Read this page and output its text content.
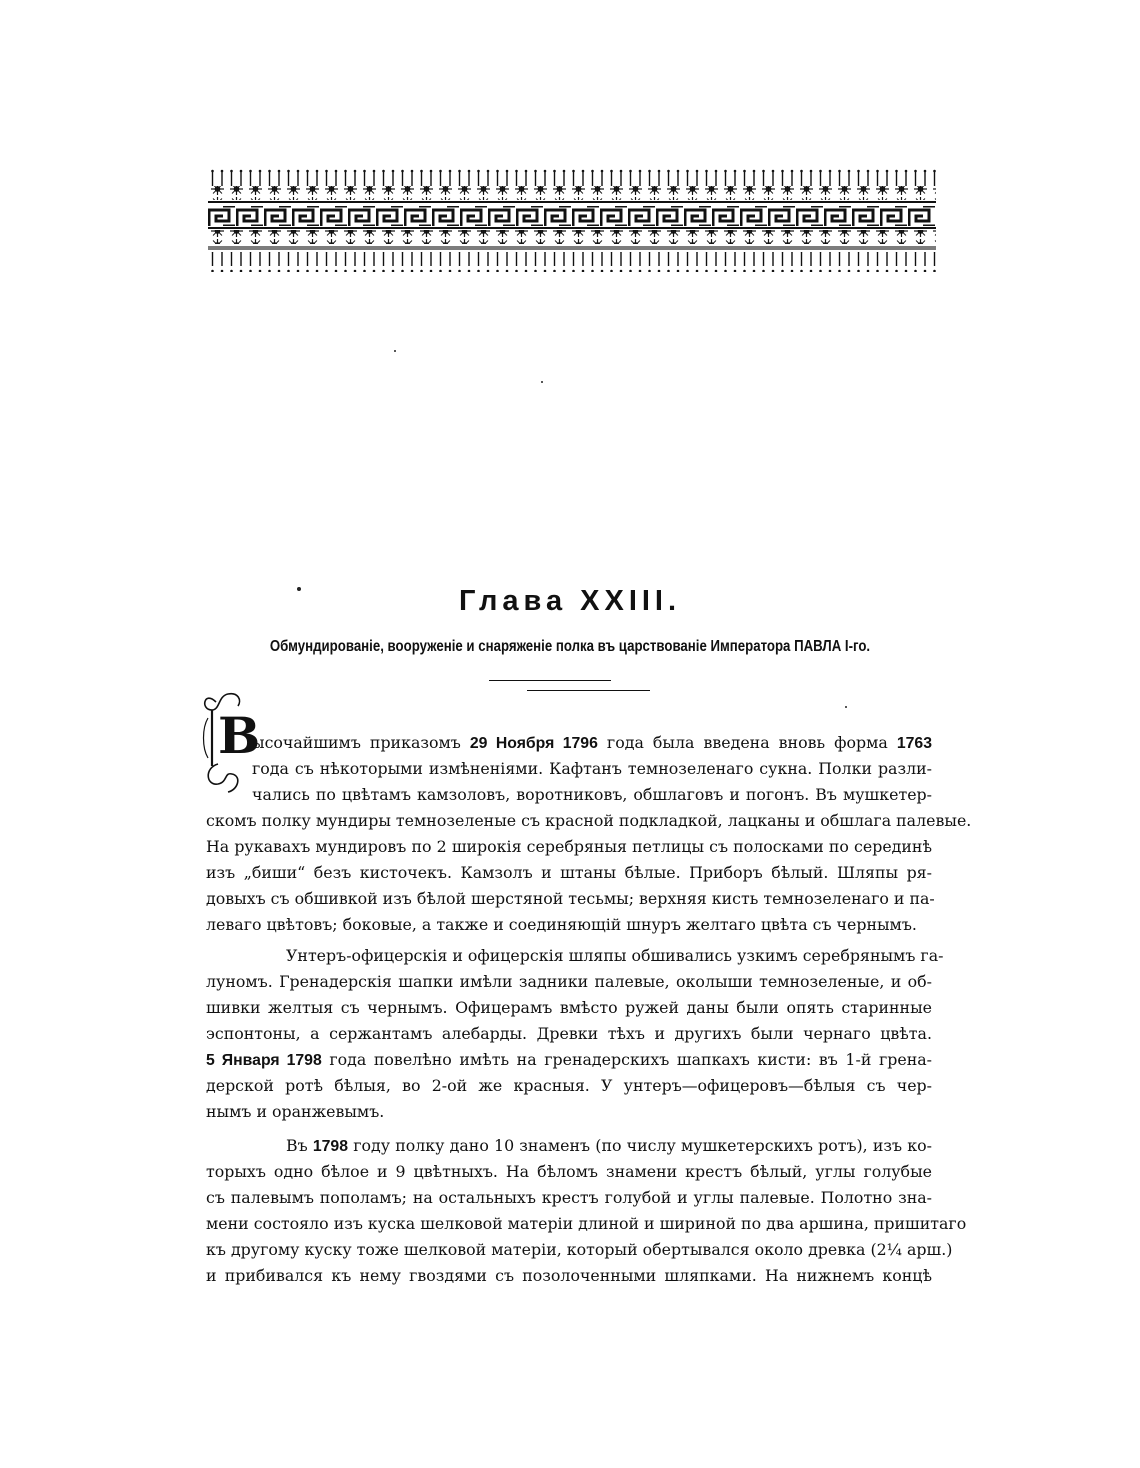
Глава XXIII.
Обмундированіе, вооруженіе и снаряженіе полка въ царствованіе Императора ПАВЛА І-го.
В
ысочайшимъ приказомъ 29 Ноября 1796 года была введена вновь форма 1763
года съ нѣкоторыми измѣненіями. Кафтанъ темнозеленаго сукна. Полки разли-
чались по цвѣтамъ камзоловъ, воротниковъ, обшлаговъ и погонъ. Въ мушкетер-
скомъ полку мундиры темнозеленые съ красной подкладкой, лацканы и обшлага палевые.
На рукавахъ мундировъ по 2 широкія серебряныя петлицы съ полосками по серединѣ
изъ „биши“ безъ кисточекъ. Камзолъ и штаны бѣлые. Приборъ бѣлый. Шляпы ря-
довыхъ съ обшивкой изъ бѣлой шерстяной тесьмы; верхняя кисть темнозеленаго и па-
леваго цвѣтовъ; боковые, а также и соединяющій шнуръ желтаго цвѣта съ чернымъ.
Унтеръ-офицерскія и офицерскія шляпы обшивались узкимъ серебрянымъ га-
луномъ. Гренадерскія шапки имѣли задники палевые, околыши темнозеленые, и об-
шивки желтыя съ чернымъ. Офицерамъ вмѣсто ружей даны были опять старинные
эспонтоны, а сержантамъ алебарды. Древки тѣхъ и другихъ были чернаго цвѣта.
5 Января 1798 года повелѣно имѣть на гренадерскихъ шапкахъ кисти: въ 1-й грена-
дерской ротѣ бѣлыя, во 2-ой же красныя. У унтеръ—офицеровъ—бѣлыя съ чер-
нымъ и оранжевымъ.
Въ 1798 году полку дано 10 знаменъ (по числу мушкетерскихъ ротъ), изъ ко-
торыхъ одно бѣлое и 9 цвѣтныхъ. На бѣломъ знамени крестъ бѣлый, углы голубые
съ палевымъ пополамъ; на остальныхъ крестъ голубой и углы палевые. Полотно зна-
мени состояло изъ куска шелковой матеріи длиной и шириной по два аршина, пришитаго
къ другому куску тоже шелковой матеріи, который обертывался около древка (2¼ арш.)
и прибивался къ нему гвоздями съ позолоченными шляпками. На нижнемъ концѣ
